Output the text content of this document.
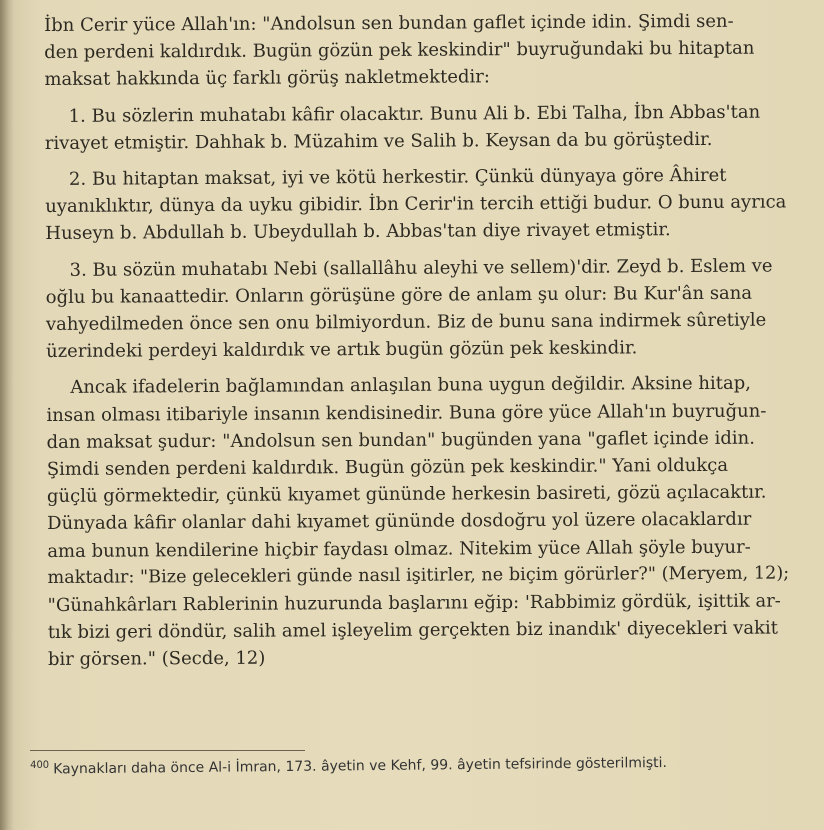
İbn Cerir yüce Allah'ın: "Andolsun sen bundan gaflet içinde idin. Şimdi sen-
den perdeni kaldırdık. Bugün gözün pek keskindir" buyruğundaki bu hitaptan
maksat hakkında üç farklı görüş nakletmektedir:

1. Bu sözlerin muhatabı kâfir olacaktır. Bunu Ali b. Ebi Talha, İbn Abbas'tan
rivayet etmiştir. Dahhak b. Müzahim ve Salih b. Keysan da bu görüştedir.

2. Bu hitaptan maksat, iyi ve kötü herkestir. Çünkü dünyaya göre Âhiret
uyanıklıktır, dünya da uyku gibidir. İbn Cerir'in tercih ettiği budur. O bunu ayrıca
Huseyn b. Abdullah b. Ubeydullah b. Abbas'tan diye rivayet etmiştir.

3. Bu sözün muhatabı Nebi (sallallâhu aleyhi ve sellem)'dir. Zeyd b. Eslem ve
oğlu bu kanaattedir. Onların görüşüne göre de anlam şu olur: Bu Kur'ân sana
vahyedilmeden önce sen onu bilmiyordun. Biz de bunu sana indirmek sûretiyle
üzerindeki perdeyi kaldırdık ve artık bugün gözün pek keskindir.

Ancak ifadelerin bağlamından anlaşılan buna uygun değildir. Aksine hitap,
insan olması itibariyle insanın kendisinedir. Buna göre yüce Allah'ın buyruğun-
dan maksat şudur: "Andolsun sen bundan" bugünden yana "gaflet içinde idin.
Şimdi senden perdeni kaldırdık. Bugün gözün pek keskindir." Yani oldukça
güçlü görmektedir, çünkü kıyamet gününde herkesin basireti, gözü açılacaktır.
Dünyada kâfir olanlar dahi kıyamet gününde dosdoğru yol üzere olacaklardır
ama bunun kendilerine hiçbir faydası olmaz. Nitekim yüce Allah şöyle buyur-
maktadır: "Bize gelecekleri günde nasıl işitirler, ne biçim görürler?" (Meryem, 12);
"Günahkârları Rablerinin huzurunda başlarını eğip: 'Rabbimiz gördük, işittik ar-
tık bizi geri döndür, salih amel işleyelim gerçekten biz inandık' diyecekleri vakit
bir görsen." (Secde, 12)

$^{400}$ Kaynakları daha önce Al-i İmran, 173. âyetin ve Kehf, 99. âyetin tefsirinde gösterilmişti.
